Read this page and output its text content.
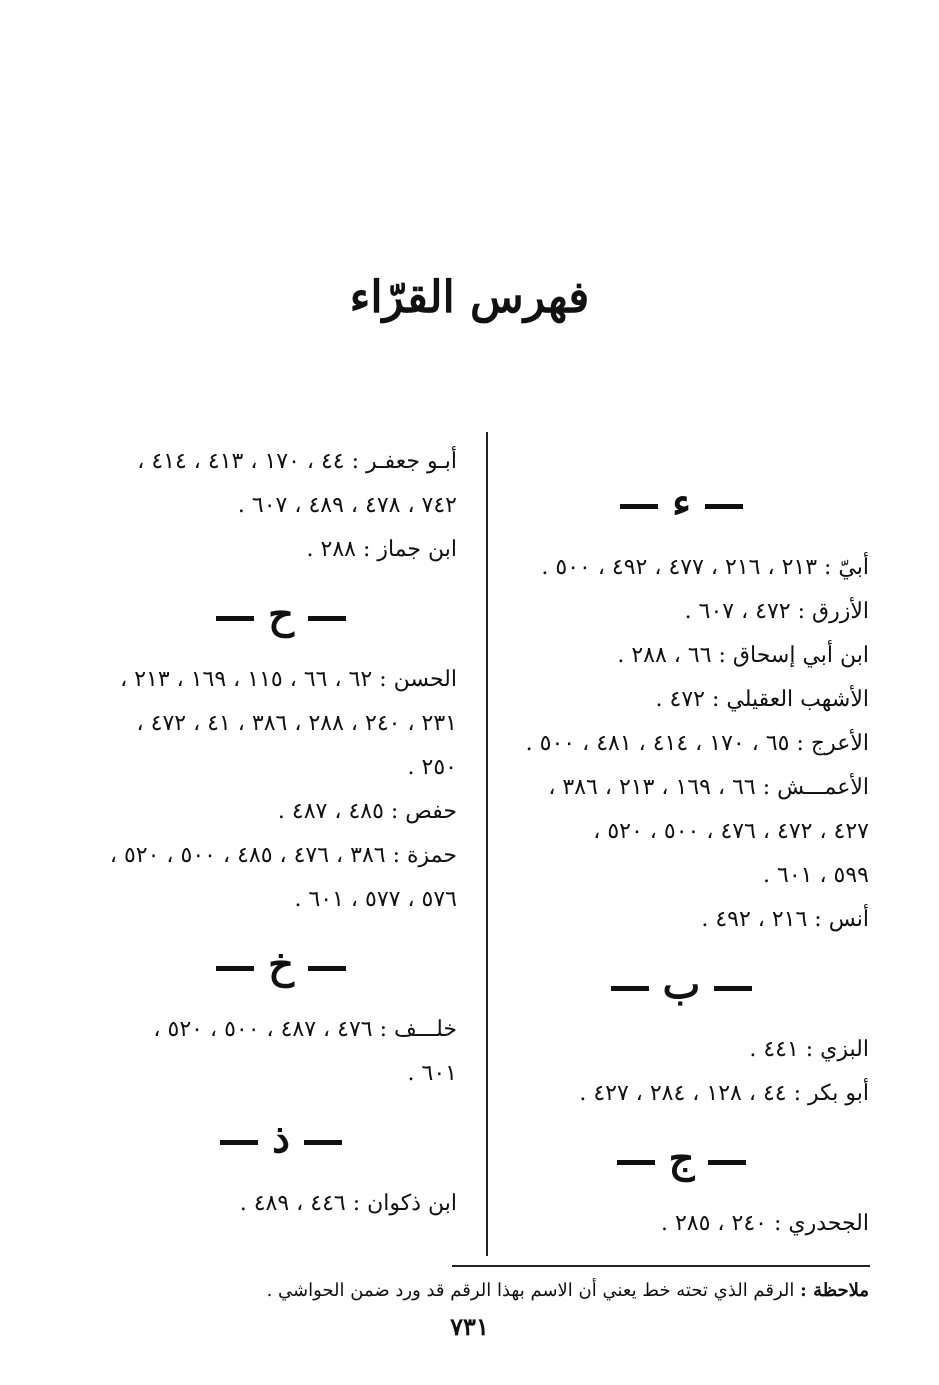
فهرس القرّاء
ء
أبيّ : ٢١٣ ، ٢١٦ ، ٤٧٧ ، ٤٩٢ ، ٥٠٠ .
الأزرق : ٤٧٢ ، ٦٠٧ .
ابن أبي إسحاق : ٦٦ ، ٢٨٨ .
الأشهب العقيلي : ٤٧٢ .
الأعرج : ٦٥ ، ١٧٠ ، ٤١٤ ، ٤٨١ ، ٥٠٠ .
الأعمـــش : ٦٦ ، ١٦٩ ، ٢١٣ ، ٣٨٦ ،
٤٢٧ ، ٤٧٢ ، ٤٧٦ ، ٥٠٠ ، ٥٢٠ ،
٥٩٩ ، ٦٠١ .
أنس : ٢١٦ ، ٤٩٢ .
ب
البزي : ٤٤١ .
أبو بكر : ٤٤ ، ١٢٨ ، ٢٨٤ ، ٤٢٧ .
ج
الجحدري : ٢٤٠ ، ٢٨٥ .
أبـو جعفـر : ٤٤ ، ١٧٠ ، ٤١٣ ، ٤١٤ ،
٧٤٢ ، ٤٧٨ ، ٤٨٩ ، ٦٠٧ .
ابن جماز : ٢٨٨ .
ح
الحسن : ٦٢ ، ٦٦ ، ١١٥ ، ١٦٩ ، ٢١٣ ،
٢٣١ ، ٢٤٠ ، ٢٨٨ ، ٣٨٦ ، ٤١ ، ٤٧٢ ،
٢٥٠ .
حفص : ٤٨٥ ، ٤٨٧ .
حمزة : ٣٨٦ ، ٤٧٦ ، ٤٨٥ ، ٥٠٠ ، ٥٢٠ ،
٥٧٦ ، ٥٧٧ ، ٦٠١ .
خ
خلـــف : ٤٧٦ ، ٤٨٧ ، ٥٠٠ ، ٥٢٠ ،
٦٠١ .
ذ
ابن ذكوان : ٤٤٦ ، ٤٨٩ .
ملاحظة : الرقم الذي تحته خط يعني أن الاسم بهذا الرقم قد ورد ضمن الحواشي .
٧٣١
